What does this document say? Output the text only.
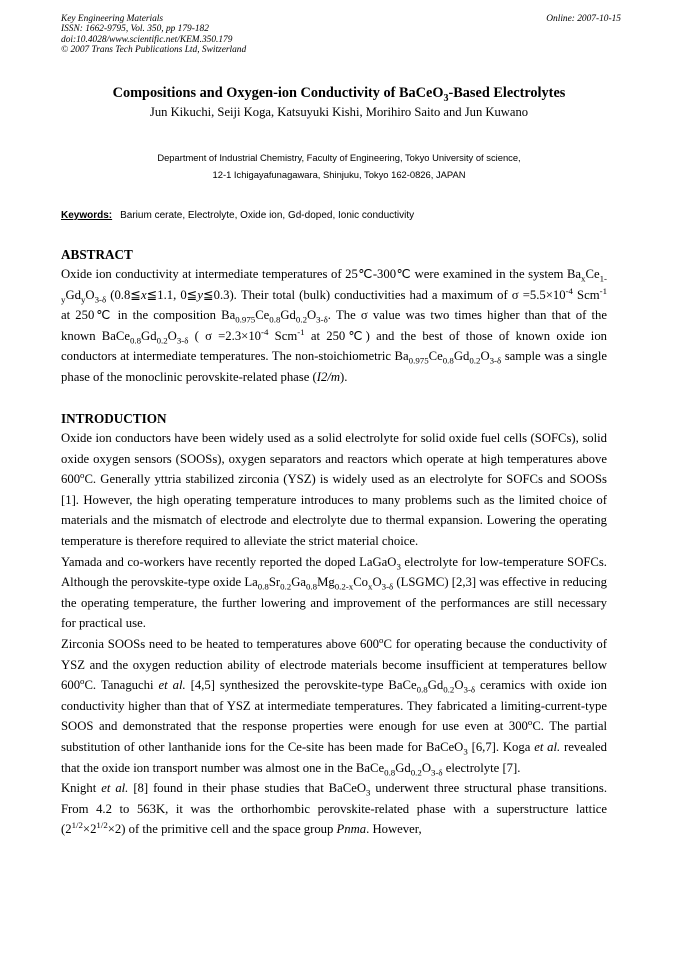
Key Engineering Materials
ISSN: 1662-9795, Vol. 350, pp 179-182
doi:10.4028/www.scientific.net/KEM.350.179
© 2007 Trans Tech Publications Ltd, Switzerland
Online: 2007-10-15
Compositions and Oxygen-ion Conductivity of BaCeO$_3$-Based Electrolytes
Jun Kikuchi, Seiji Koga, Katsuyuki Kishi, Morihiro Saito and Jun Kuwano
Department of Industrial Chemistry, Faculty of Engineering, Tokyo University of science,
12-1 Ichigayafunagawara, Shinjuku, Tokyo 162-0826, JAPAN
Keywords: Barium cerate, Electrolyte, Oxide ion, Gd-doped, Ionic conductivity
ABSTRACT

Oxide ion conductivity at intermediate temperatures of 25℃-300℃ were examined in the system $Ba_xCe_{1-y}Gd_yO_{3-\delta}$ (0.8≦x≦1.1, 0≦y≦0.3). Their total (bulk) conductivities had a maximum of $\sigma =5.5\times 10^{-4}$ Scm$^{-1}$ at 250℃ in the composition $Ba_{0.975}Ce_{0.8}Gd_{0.2}O_{3-\delta}$. The σ value was two times higher than that of the known $BaCe_{0.8}Gd_{0.2}O_{3-\delta}$ ( $\sigma =2.3\times 10^{-4}$ Scm$^{-1}$ at 250℃) and the best of those of known oxide ion conductors at intermediate temperatures. The non-stoichiometric $Ba_{0.975}Ce_{0.8}Gd_{0.2}O_{3-\delta}$ sample was a single phase of the monoclinic perovskite-related phase (I2/m).

INTRODUCTION

Oxide ion conductors have been widely used as a solid electrolyte for solid oxide fuel cells (SOFCs), solid oxide oxygen sensors (SOOSs), oxygen separators and reactors which operate at high temperatures above 600$^o$C. Generally yttria stabilized zirconia (YSZ) is widely used as an electrolyte for SOFCs and SOOSs [1]. However, the high operating temperature introduces to many problems such as the limited choice of materials and the mismatch of electrode and electrolyte due to thermal expansion. Lowering the operating temperature is therefore required to alleviate the strict material choice.

Yamada and co-workers have recently reported the doped LaGaO$_3$ electrolyte for low-temperature SOFCs. Although the perovskite-type oxide $La_{0.8}Sr_{0.2}Ga_{0.8}Mg_{0.2-x}Co_xO_{3-\delta}$ (LSGMC) [2,3] was effective in reducing the operating temperature, the further lowering and improvement of the performances are still necessary for practical use.

Zirconia SOOSs need to be heated to temperatures above 600$^o$C for operating because the conductivity of YSZ and the oxygen reduction ability of electrode materials become insufficient at temperatures bellow 600$^o$C. Tanaguchi et al. [4,5] synthesized the perovskite-type $BaCe_{0.8}Gd_{0.2}O_{3-\delta}$ ceramics with oxide ion conductivity higher than that of YSZ at intermediate temperatures. They fabricated a limiting-current-type SOOS and demonstrated that the response properties were enough for use even at 300$^o$C. The partial substitution of other lanthanide ions for the Ce-site has been made for BaCeO$_3$ [6,7]. Koga et al. revealed that the oxide ion transport number was almost one in the $BaCe_{0.8}Gd_{0.2}O_{3-\delta}$ electrolyte [7].

Knight et al. [8] found in their phase studies that BaCeO$_3$ underwent three structural phase transitions. From 4.2 to 563K, it was the orthorhombic perovskite-related phase with a superstructure lattice $(2^{1/2}\times 2^{1/2}\times 2)$ of the primitive cell and the space group Pnma. However,
